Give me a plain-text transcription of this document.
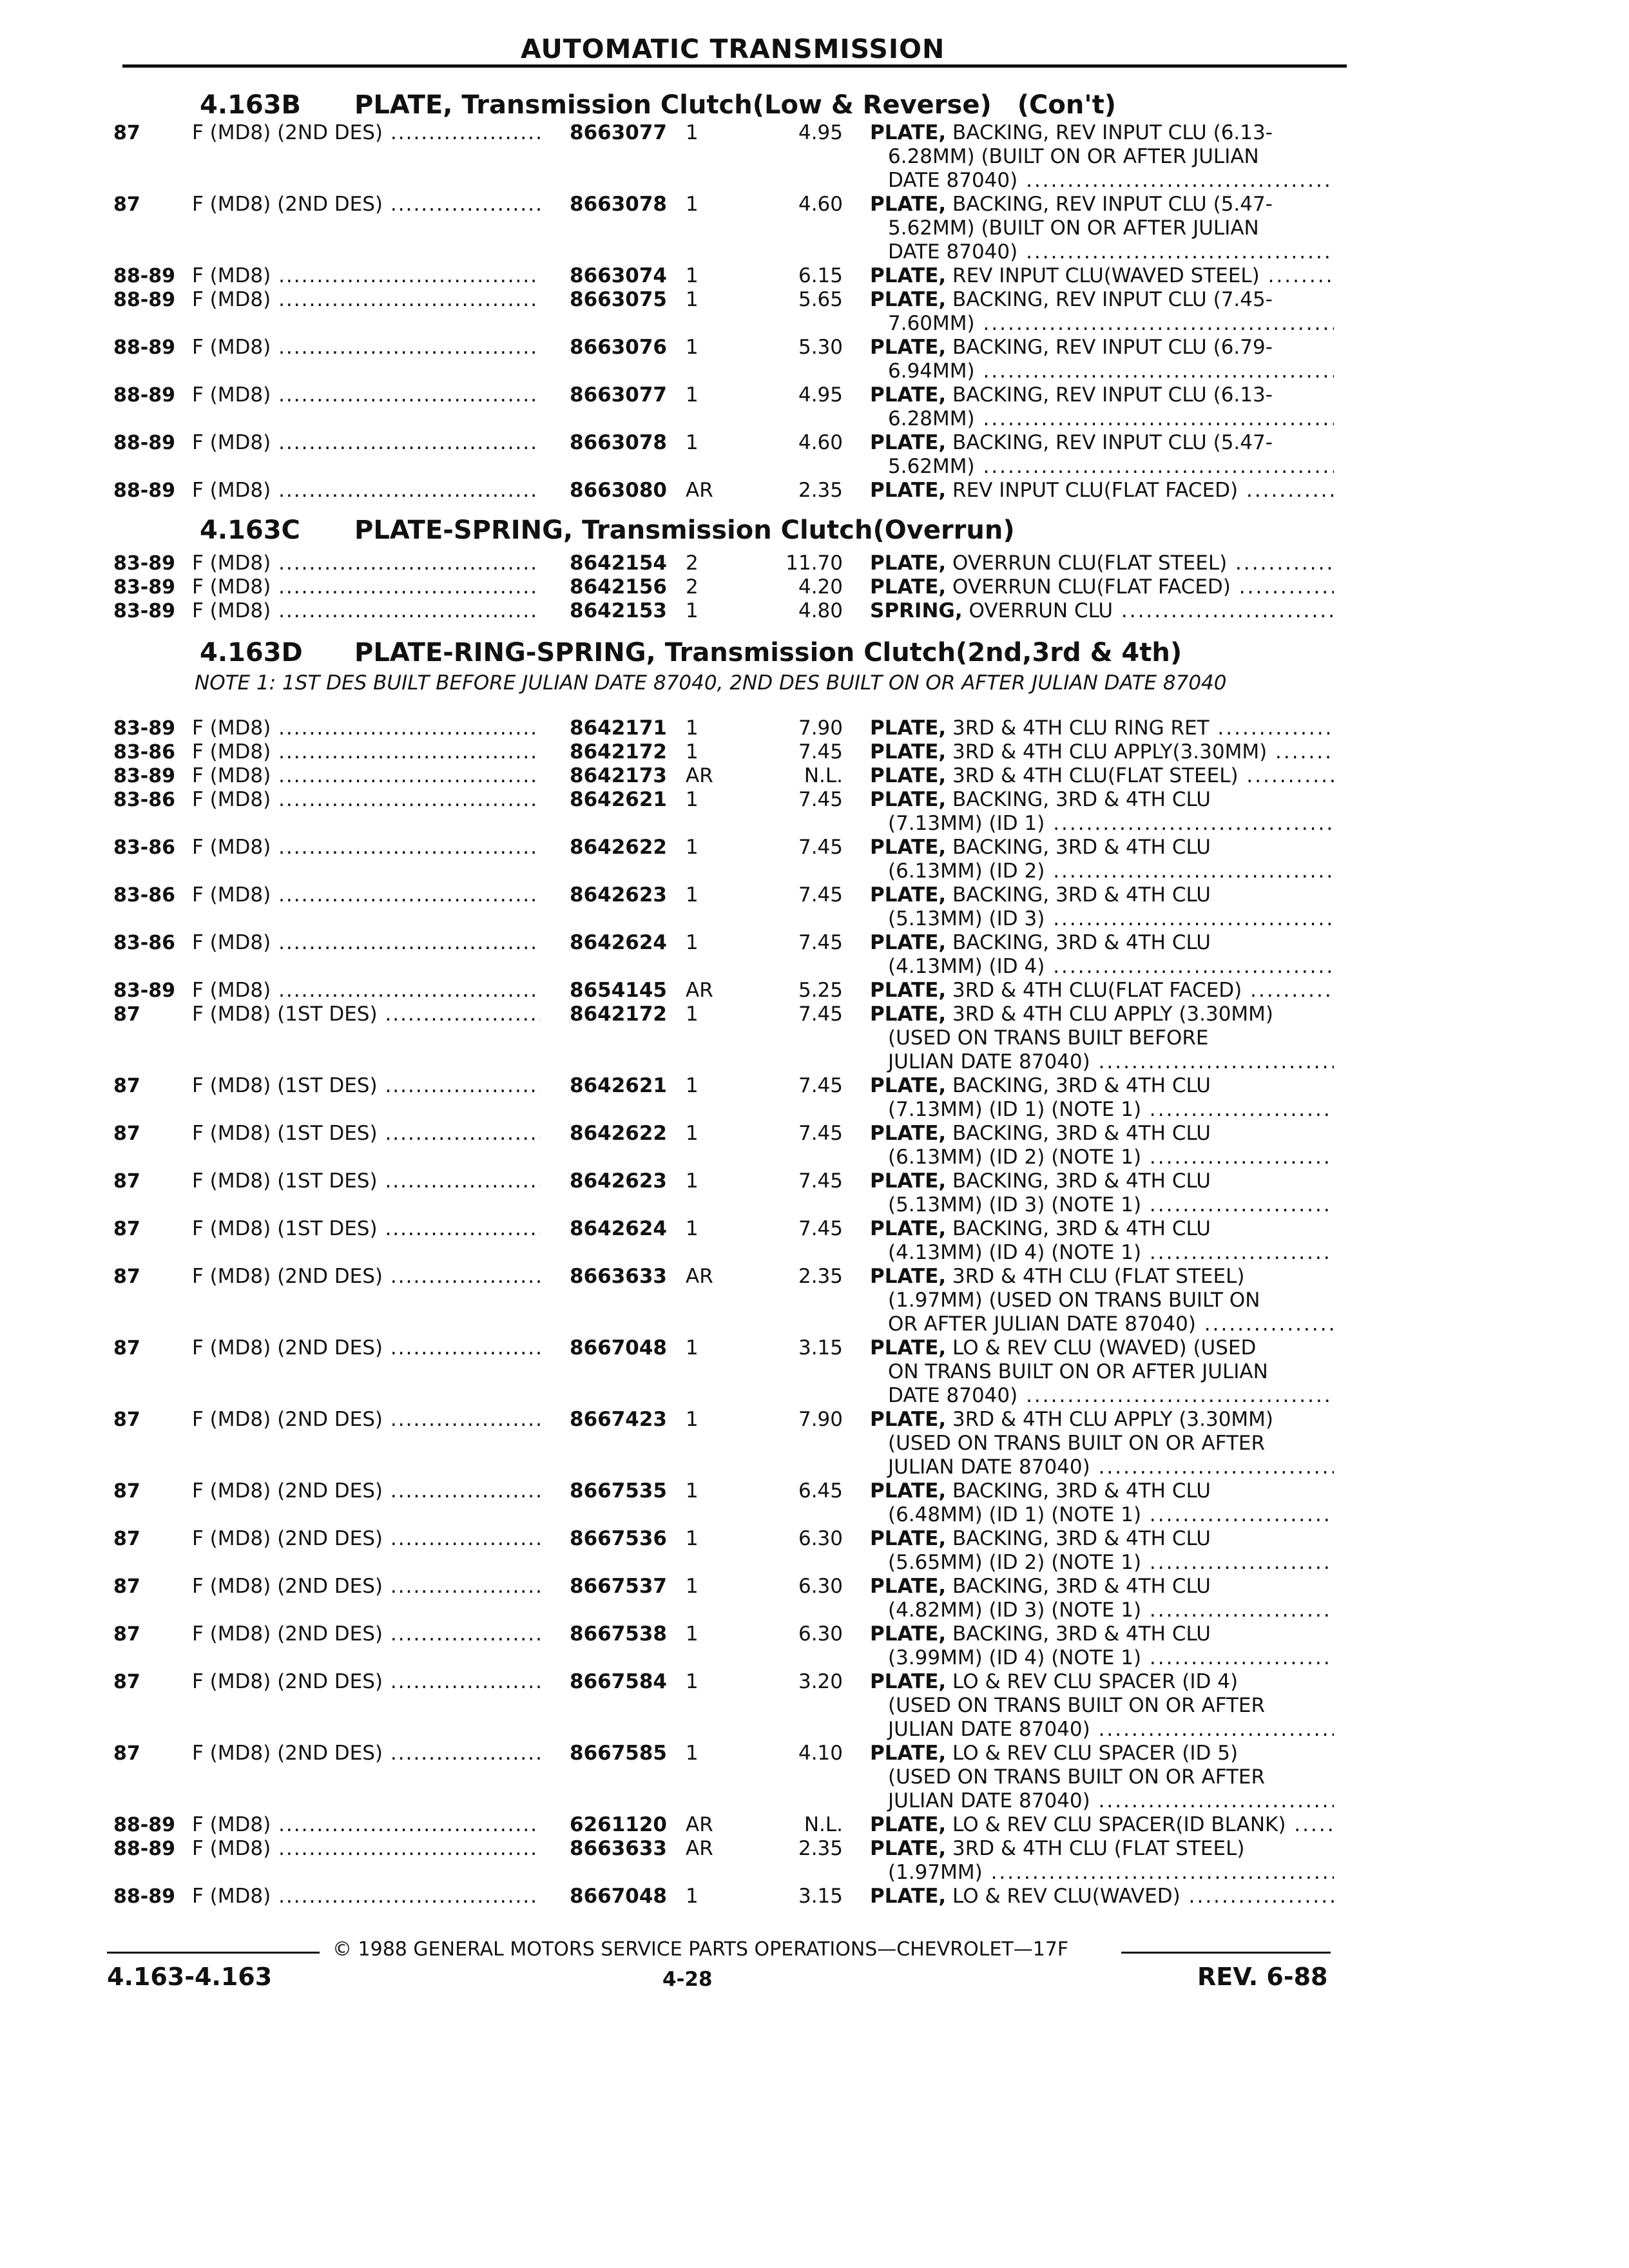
AUTOMATIC TRANSMISSION
4.163B PLATE, Transmission Clutch(Low & Reverse) (Con't)
87	F (MD8) (2ND DES) .....	8663077 1	4.95 PLATE, BACKING, REV INPUT CLU (6.13-
6.28MM) (BUILT ON OR AFTER JULIAN
DATE 87040) .....
87	F (MD8) (2ND DES) .....	8663078 1	4.60 PLATE, BACKING, REV INPUT CLU (5.47-
5.62MM) (BUILT ON OR AFTER JULIAN
DATE 87040) .....
88-89 F (MD8) .....	8663074 1	6.15 PLATE, REV INPUT CLU(WAVED STEEL) .....
88-89 F (MD8) .....	8663075 1	5.65 PLATE, BACKING, REV INPUT CLU (7.45-
7.60MM) .....
88-89 F (MD8) .....	8663076 1	5.30 PLATE, BACKING, REV INPUT CLU (6.79-
6.94MM) .....
88-89 F (MD8) .....	8663077 1	4.95 PLATE, BACKING, REV INPUT CLU (6.13-
6.28MM) .....
88-89 F (MD8) .....	8663078 1	4.60 PLATE, BACKING, REV INPUT CLU (5.47-
5.62MM) .....
88-89 F (MD8) .....	8663080 AR	2.35 PLATE, REV INPUT CLU(FLAT FACED) .....
4.163C PLATE-SPRING, Transmission Clutch(Overrun)
83-89 F (MD8) .....	8642154 2	11.70 PLATE, OVERRUN CLU(FLAT STEEL) .....
83-89 F (MD8) .....	8642156 2	4.20 PLATE, OVERRUN CLU(FLAT FACED) .....
83-89 F (MD8) .....	8642153 1	4.80 SPRING, OVERRUN CLU .....
4.163D PLATE-RING-SPRING, Transmission Clutch(2nd,3rd & 4th)
NOTE 1: 1ST DES BUILT BEFORE JULIAN DATE 87040, 2ND DES BUILT ON OR AFTER JULIAN DATE 87040
83-89 F (MD8) .....	8642171 1	7.90 PLATE, 3RD & 4TH CLU RING RET .....
83-86 F (MD8) .....	8642172 1	7.45 PLATE, 3RD & 4TH CLU APPLY(3.30MM) .....
83-89 F (MD8) .....	8642173 AR	N.L. PLATE, 3RD & 4TH CLU(FLAT STEEL) .....
83-86 F (MD8) .....	8642621 1	7.45 PLATE, BACKING, 3RD & 4TH CLU
(7.13MM) (ID 1) .....
83-86 F (MD8) .....	8642622 1	7.45 PLATE, BACKING, 3RD & 4TH CLU
(6.13MM) (ID 2) .....
83-86 F (MD8) .....	8642623 1	7.45 PLATE, BACKING, 3RD & 4TH CLU
(5.13MM) (ID 3) .....
83-86 F (MD8) .....	8642624 1	7.45 PLATE, BACKING, 3RD & 4TH CLU
(4.13MM) (ID 4) .....
83-89 F (MD8) .....	8654145 AR	5.25 PLATE, 3RD & 4TH CLU(FLAT FACED) .....
87	F (MD8) (1ST DES) .....	8642172 1	7.45 PLATE, 3RD & 4TH CLU APPLY (3.30MM)
(USED ON TRANS BUILT BEFORE
JULIAN DATE 87040) .....
87	F (MD8) (1ST DES) .....	8642621 1	7.45 PLATE, BACKING, 3RD & 4TH CLU
(7.13MM) (ID 1) (NOTE 1) .....
87	F (MD8) (1ST DES) .....	8642622 1	7.45 PLATE, BACKING, 3RD & 4TH CLU
(6.13MM) (ID 2) (NOTE 1) .....
87	F (MD8) (1ST DES) .....	8642623 1	7.45 PLATE, BACKING, 3RD & 4TH CLU
(5.13MM) (ID 3) (NOTE 1) .....
87	F (MD8) (1ST DES) .....	8642624 1	7.45 PLATE, BACKING, 3RD & 4TH CLU
(4.13MM) (ID 4) (NOTE 1) .....
87	F (MD8) (2ND DES) .....	8663633 AR	2.35 PLATE, 3RD & 4TH CLU (FLAT STEEL)
(1.97MM) (USED ON TRANS BUILT ON
OR AFTER JULIAN DATE 87040) .....
87	F (MD8) (2ND DES) .....	8667048 1	3.15 PLATE, LO & REV CLU (WAVED) (USED
ON TRANS BUILT ON OR AFTER JULIAN
DATE 87040) .....
87	F (MD8) (2ND DES) .....	8667423 1	7.90 PLATE, 3RD & 4TH CLU APPLY (3.30MM)
(USED ON TRANS BUILT ON OR AFTER
JULIAN DATE 87040) .....
87	F (MD8) (2ND DES) .....	8667535 1	6.45 PLATE, BACKING, 3RD & 4TH CLU
(6.48MM) (ID 1) (NOTE 1) .....
87	F (MD8) (2ND DES) .....	8667536 1	6.30 PLATE, BACKING, 3RD & 4TH CLU
(5.65MM) (ID 2) (NOTE 1) .....
87	F (MD8) (2ND DES) .....	8667537 1	6.30 PLATE, BACKING, 3RD & 4TH CLU
(4.82MM) (ID 3) (NOTE 1) .....
87	F (MD8) (2ND DES) .....	8667538 1	6.30 PLATE, BACKING, 3RD & 4TH CLU
(3.99MM) (ID 4) (NOTE 1) .....
87	F (MD8) (2ND DES) .....	8667584 1	3.20 PLATE, LO & REV CLU SPACER (ID 4)
(USED ON TRANS BUILT ON OR AFTER
JULIAN DATE 87040) .....
87	F (MD8) (2ND DES) .....	8667585 1	4.10 PLATE, LO & REV CLU SPACER (ID 5)
(USED ON TRANS BUILT ON OR AFTER
JULIAN DATE 87040) .....
88-89 F (MD8) .....	6261120 AR	N.L. PLATE, LO & REV CLU SPACER(ID BLANK) .....
88-89 F (MD8) .....	8663633 AR	2.35 PLATE, 3RD & 4TH CLU (FLAT STEEL)
(1.97MM) .....
88-89 F (MD8) .....	8667048 1	3.15 PLATE, LO & REV CLU(WAVED) .....
© 1988 GENERAL MOTORS SERVICE PARTS OPERATIONS—CHEVROLET—17F
4.163-4.163	4-28	REV. 6-88
